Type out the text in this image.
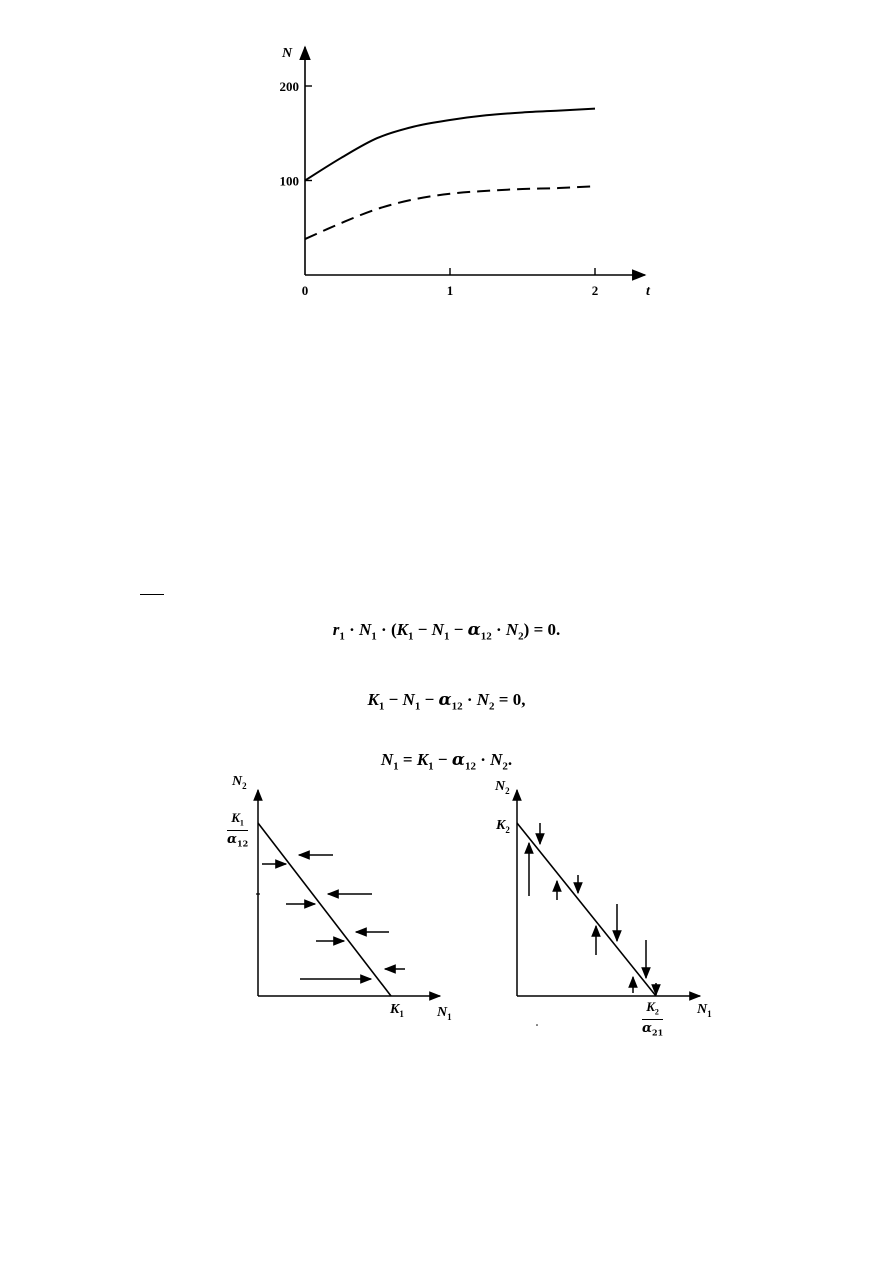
100
200
0	1	2
N
t
$r_1 \cdot N_1 \cdot (K_1 - N_1 - \alpha_{12} \cdot N_2) = 0$.
$K_1 - N_1 - \alpha_{12} \cdot N_2 = 0$,
$N_1 = K_1 - \alpha_{12} \cdot N_2$.
$N_2$
$\frac{K_1}{\alpha_{12}}$
$K_1$ $N_1$
$N_2$
$K_2$
$\frac{K_2}{\alpha_{21}} N_1$
